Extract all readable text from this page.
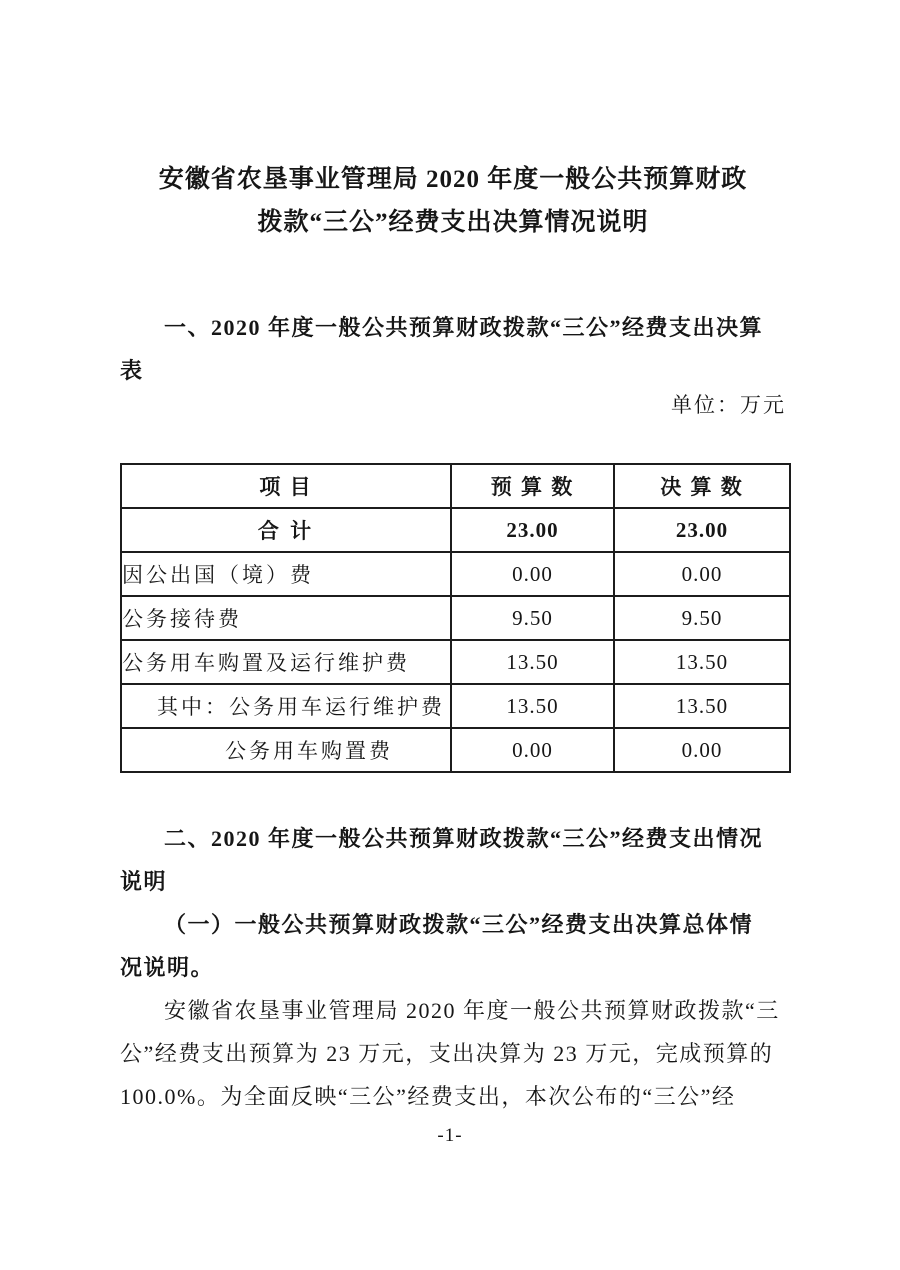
安徽省农垦事业管理局 2020 年度一般公共预算财政
拨款“三公”经费支出决算情况说明
一、2020 年度一般公共预算财政拨款“三公”经费支出决算
表
单位：万元
项 目	预 算 数	决 算 数
合 计	23.00	23.00
因公出国（境）费	0.00	0.00
公务接待费	9.50	9.50
公务用车购置及运行维护费	13.50	13.50
其中：公务用车运行维护费	13.50	13.50
公务用车购置费	0.00	0.00
二、2020 年度一般公共预算财政拨款“三公”经费支出情况
说明
（一）一般公共预算财政拨款“三公”经费支出决算总体情
况说明。
安徽省农垦事业管理局 2020 年度一般公共预算财政拨款“三
公”经费支出预算为 23 万元，支出决算为 23 万元，完成预算的
100.0%。为全面反映“三公”经费支出，本次公布的“三公”经
-1-
